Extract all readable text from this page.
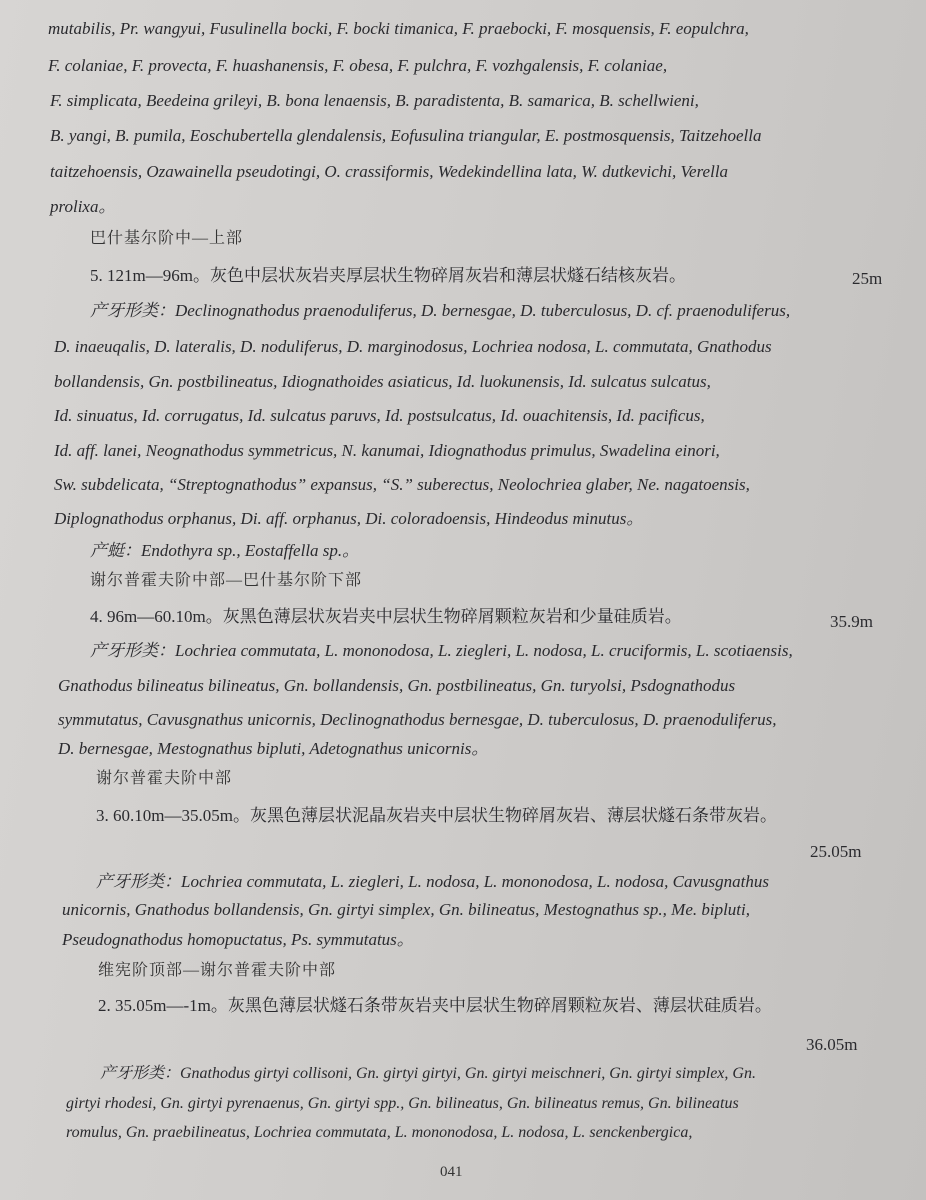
mutabilis, Pr. wangyui, Fusulinella bocki, F. bocki timanica, F. praebocki, F. mosquensis, F. eopulchra,
F. colaniae, F. provecta, F. huashanensis, F. obesa, F. pulchra, F. vozhgalensis, F. colaniae,
F. simplicata, Beedeina grileyi, B. bona lenaensis, B. paradistenta, B. samarica, B. schellwieni,
B. yangi, B. pumila, Eoschubertella glendalensis, Eofusulina triangular, E. postmosquensis, Taitzehoella
taitzehoensis, Ozawainella pseudotingi, O. crassiformis, Wedekindellina lata, W. dutkevichi, Verella
prolixa。
巴什基尔阶中—上部
5. 121m—96m。灰色中层状灰岩夹厚层状生物碎屑灰岩和薄层状燧石结核灰岩。	25m
产牙形类：Declinognathodus praenoduliferus, D. bernesgae, D. tuberculosus, D. cf. praenoduliferus,
D. inaeuqalis, D. lateralis, D. noduliferus, D. marginodosus, Lochriea nodosa, L. commutata, Gnathodus
bollandensis, Gn. postbilineatus, Idiognathoides asiaticus, Id. luokunensis, Id. sulcatus sulcatus,
Id. sinuatus, Id. corrugatus, Id. sulcatus paruvs, Id. postsulcatus, Id. ouachitensis, Id. pacificus,
Id. aff. lanei, Neognathodus symmetricus, N. kanumai, Idiognathodus primulus, Swadelina einori,
Sw. subdelicata, “Streptognathodus” expansus, “S.” suberectus, Neolochriea glaber, Ne. nagatoensis,
Diplognathodus orphanus, Di. aff. orphanus, Di. coloradoensis, Hindeodus minutus。
产蜓：Endothyra sp., Eostaffella sp.。
谢尔普霍夫阶中部—巴什基尔阶下部
4. 96m—60.10m。灰黑色薄层状灰岩夹中层状生物碎屑颗粒灰岩和少量硅质岩。	35.9m
产牙形类：Lochriea commutata, L. mononodosa, L. ziegleri, L. nodosa, L. cruciformis, L. scotiaensis,
Gnathodus bilineatus bilineatus, Gn. bollandensis, Gn. postbilineatus, Gn. turyolsi, Psdognathodus
symmutatus, Cavusgnathus unicornis, Declinognathodus bernesgae, D. tuberculosus, D. praenoduliferus,
D. bernesgae, Mestognathus bipluti, Adetognathus unicornis。
谢尔普霍夫阶中部
3. 60.10m—35.05m。灰黑色薄层状泥晶灰岩夹中层状生物碎屑灰岩、薄层状燧石条带灰岩。
25.05m
产牙形类：Lochriea commutata, L. ziegleri, L. nodosa, L. mononodosa, L. nodosa, Cavusgnathus
unicornis, Gnathodus bollandensis, Gn. girtyi simplex, Gn. bilineatus, Mestognathus sp., Me. bipluti,
Pseudognathodus homopuctatus, Ps. symmutatus。
维宪阶顶部—谢尔普霍夫阶中部
2. 35.05m—-1m。灰黑色薄层状燧石条带灰岩夹中层状生物碎屑颗粒灰岩、薄层状硅质岩。
36.05m
产牙形类：Gnathodus girtyi collisoni, Gn. girtyi girtyi, Gn. girtyi meischneri, Gn. girtyi simplex, Gn.
girtyi rhodesi, Gn. girtyi pyrenaenus, Gn. girtyi spp., Gn. bilineatus, Gn. bilineatus remus, Gn. bilineatus
romulus, Gn. praebilineatus, Lochriea commutata, L. mononodosa, L. nodosa, L. senckenbergica,
041
